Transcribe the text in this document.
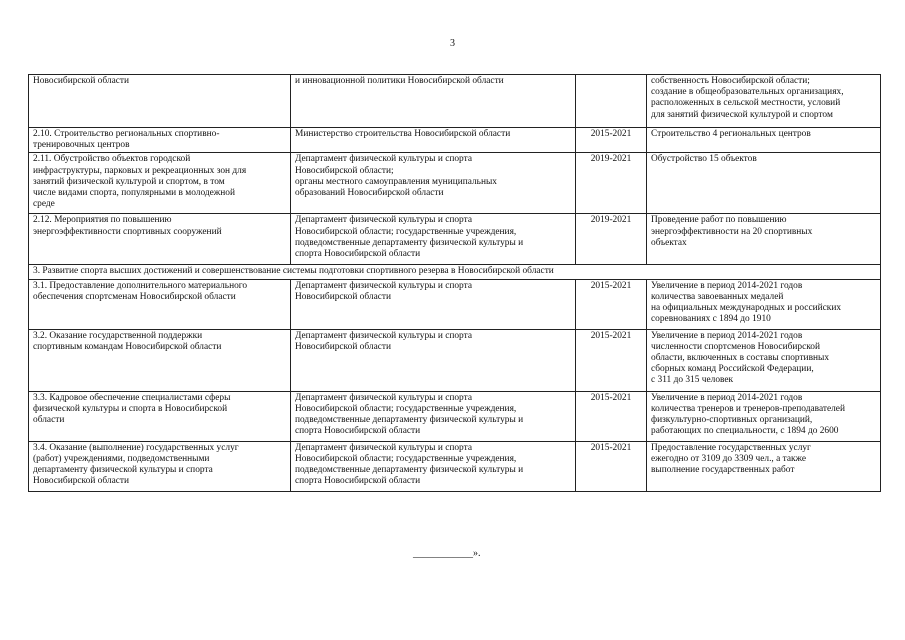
3
Новосибирской области	и инновационной политики Новосибирской области		собственность Новосибирской области;
создание в общеобразовательных организациях,
расположенных в сельской местности, условий
для занятий физической культурой и спортом
2.10. Строительство региональных спортивно-
тренировочных центров	Министерство строительства Новосибирской области	2015-2021	Строительство 4 региональных центров
2.11. Обустройство объектов городской
инфраструктуры, парковых и рекреационных зон для
занятий физической культурой и спортом, в том
числе видами спорта, популярными в молодежной
среде	Департамент физической культуры и спорта
Новосибирской области;
органы местного самоуправления муниципальных
образований Новосибирской области	2019-2021	Обустройство 15 объектов
2.12. Мероприятия по повышению
энергоэффективности спортивных сооружений	Департамент физической культуры и спорта
Новосибирской области; государственные учреждения,
подведомственные департаменту физической культуры и
спорта Новосибирской области	2019-2021	Проведение работ по повышению
энергоэффективности на 20 спортивных
объектах
3. Развитие спорта высших достижений и совершенствование системы подготовки спортивного резерва в Новосибирской области			
3.1. Предоставление дополнительного материального
обеспечения спортсменам Новосибирской области	Департамент физической культуры и спорта
Новосибирской области	2015-2021	Увеличение в период 2014-2021 годов
количества завоеванных медалей
на официальных международных и российских
соревнованиях с 1894 до 1910
3.2. Оказание государственной поддержки
спортивным командам Новосибирской области	Департамент физической культуры и спорта
Новосибирской области	2015-2021	Увеличение в период 2014-2021 годов
численности спортсменов Новосибирской
области, включенных в составы спортивных
сборных команд Российской Федерации,
с 311 до 315 человек
3.3. Кадровое обеспечение специалистами сферы
физической культуры и спорта в Новосибирской
области	Департамент физической культуры и спорта
Новосибирской области; государственные учреждения,
подведомственные департаменту физической культуры и
спорта Новосибирской области	2015-2021	Увеличение в период 2014-2021 годов
количества тренеров и тренеров-преподавателей
физкультурно-спортивных организаций,
работающих по специальности, с 1894 до 2600
3.4. Оказание (выполнение) государственных услуг
(работ) учреждениями, подведомственными
департаменту физической культуры и спорта
Новосибирской области	Департамент физической культуры и спорта
Новосибирской области; государственные учреждения,
подведомственные департаменту физической культуры и
спорта Новосибирской области	2015-2021	Предоставление государственных услуг
ежегодно от 3109 до 3309 чел., а также
выполнение государственных работ
____________».
